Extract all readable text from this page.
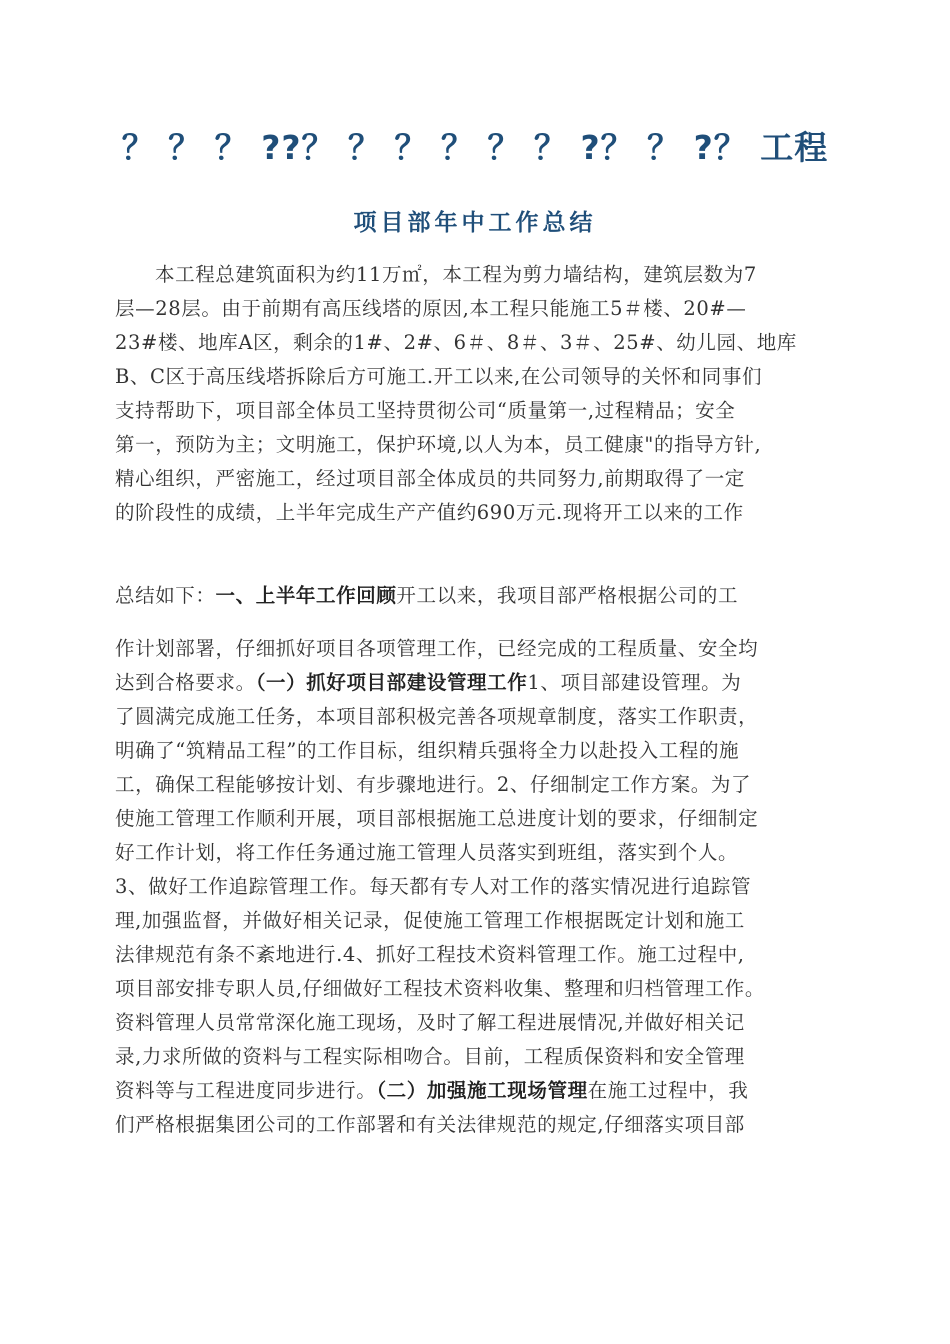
？ ？ ？ ??？ ？ ？ ？ ？ ？ ?？ ？ ?？ 工程
项目部年中工作总结
本工程总建筑面积为约11万㎡，本工程为剪力墙结构，建筑层数为7
层—28层。由于前期有高压线塔的原因,本工程只能施工5＃楼、20#—
23#楼、地库A区，剩余的1#、2#、6＃、8＃、3＃、25#、幼儿园、地库
B、C区于高压线塔拆除后方可施工.开工以来,在公司领导的关怀和同事们
支持帮助下，项目部全体员工坚持贯彻公司“质量第一,过程精品；安全
第一，预防为主；文明施工，保护环境,以人为本，员工健康"的指导方针,
精心组织，严密施工，经过项目部全体成员的共同努力,前期取得了一定
的阶段性的成绩，上半年完成生产产值约690万元.现将开工以来的工作
总结如下：一、上半年工作回顾开工以来，我项目部严格根据公司的工
作计划部署，仔细抓好项目各项管理工作，已经完成的工程质量、安全均
达到合格要求。（一）抓好项目部建设管理工作1、项目部建设管理。为
了圆满完成施工任务，本项目部积极完善各项规章制度，落实工作职责，
明确了“筑精品工程”的工作目标，组织精兵强将全力以赴投入工程的施
工，确保工程能够按计划、有步骤地进行。2、仔细制定工作方案。为了
使施工管理工作顺利开展，项目部根据施工总进度计划的要求，仔细制定
好工作计划，将工作任务通过施工管理人员落实到班组，落实到个人。
3、做好工作追踪管理工作。每天都有专人对工作的落实情况进行追踪管
理,加强监督，并做好相关记录，促使施工管理工作根据既定计划和施工
法律规范有条不紊地进行.4、抓好工程技术资料管理工作。施工过程中,
项目部安排专职人员,仔细做好工程技术资料收集、整理和归档管理工作。
资料管理人员常常深化施工现场，及时了解工程进展情况,并做好相关记
录,力求所做的资料与工程实际相吻合。目前，工程质保资料和安全管理
资料等与工程进度同步进行。（二）加强施工现场管理在施工过程中，我
们严格根据集团公司的工作部署和有关法律规范的规定,仔细落实项目部
